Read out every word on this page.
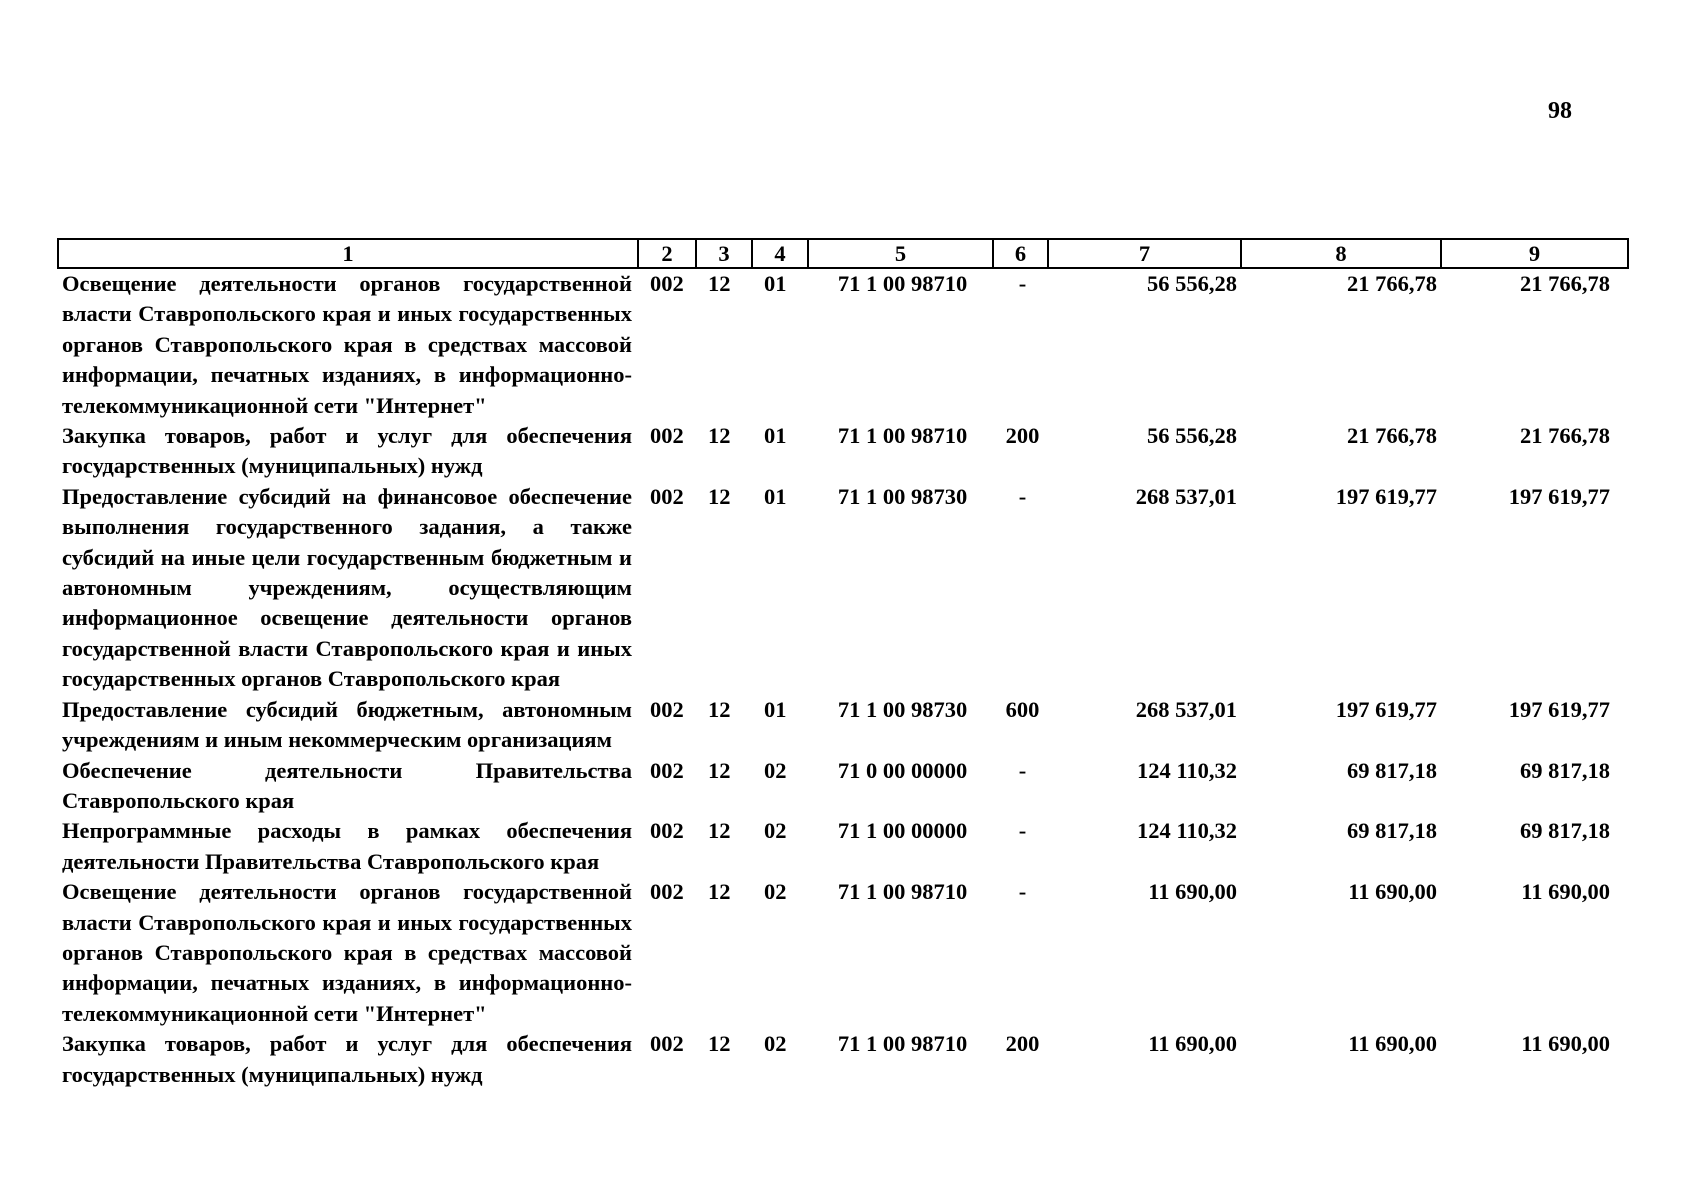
98
1	2	3	4	5	6	7	8	9
Освещение деятельности органов государственной власти Ставропольского края и иных государственных органов Ставропольского края в средствах массовой информации, печатных изданиях, в информационно-телекоммуникационной сети "Интернет"	002	12	01	71 1 00 98710	-	56 556,28	21 766,78	21 766,78
Закупка товаров, работ и услуг для обеспечения государственных (муниципальных) нужд	002	12	01	71 1 00 98710	200	56 556,28	21 766,78	21 766,78
Предоставление субсидий на финансовое обеспечение выполнения государственного задания, а также субсидий на иные цели государственным бюджетным и автономным учреждениям, осуществляющим информационное освещение деятельности органов государственной власти Ставропольского края и иных государственных органов Ставропольского края	002	12	01	71 1 00 98730	-	268 537,01	197 619,77	197 619,77
Предоставление субсидий бюджетным, автономным учреждениям и иным некоммерческим организациям	002	12	01	71 1 00 98730	600	268 537,01	197 619,77	197 619,77
Обеспечение деятельности Правительства Ставропольского края	002	12	02	71 0 00 00000	-	124 110,32	69 817,18	69 817,18
Непрограммные расходы в рамках обеспечения деятельности Правительства Ставропольского края	002	12	02	71 1 00 00000	-	124 110,32	69 817,18	69 817,18
Освещение деятельности органов государственной власти Ставропольского края и иных государственных органов Ставропольского края в средствах массовой информации, печатных изданиях, в информационно-телекоммуникационной сети "Интернет"	002	12	02	71 1 00 98710	-	11 690,00	11 690,00	11 690,00
Закупка товаров, работ и услуг для обеспечения государственных (муниципальных) нужд	002	12	02	71 1 00 98710	200	11 690,00	11 690,00	11 690,00
